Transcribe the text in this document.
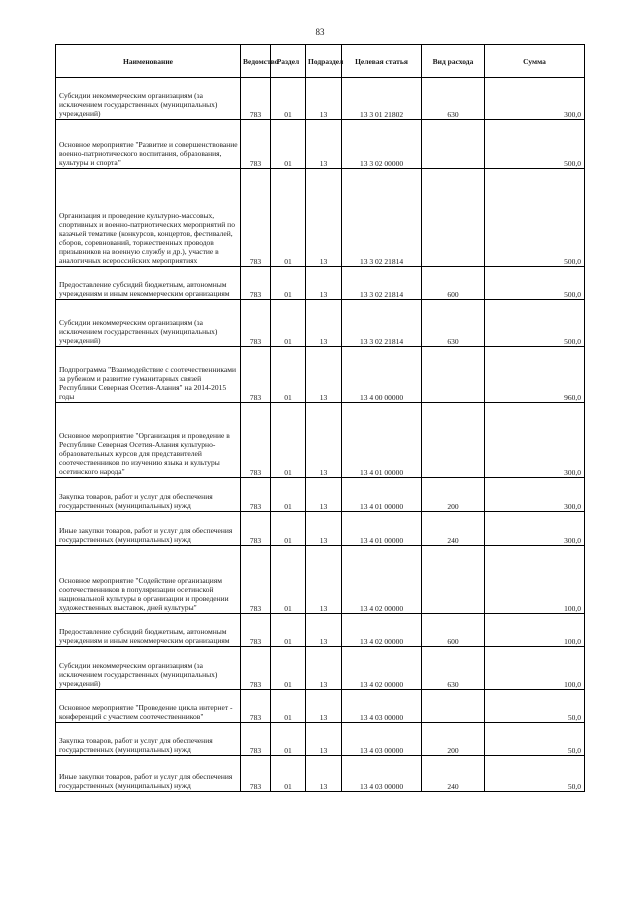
83
Наименование	Ведомство	Раздел	Подраздел	Целевая статья	Вид расхода	Сумма
Субсидии некоммерческим организациям (за исключением государственных (муниципальных) учреждений)	783	01	13	13 3 01 21802	630	300,0
Основное мероприятие "Развитие и совершенствование военно-патриотического воспитания, образования, культуры и спорта"	783	01	13	13 3 02 00000		500,0
Организация и проведение культурно-массовых, спортивных и военно-патриотических мероприятий по казачьей тематике (конкурсов, концертов, фестивалей, сборов, соревнований, торжественных проводов призывников на военную службу и др.), участие в аналогичных всероссийских мероприятиях	783	01	13	13 3 02 21814		500,0
Предоставление субсидий бюджетным, автономным учреждениям и иным некоммерческим организациям	783	01	13	13 3 02 21814	600	500,0
Субсидии некоммерческим организациям (за исключением государственных (муниципальных) учреждений)	783	01	13	13 3 02 21814	630	500,0
Подпрограмма "Взаимодействие с соотечественниками за рубежом и развитие гуманитарных связей Республики Северная Осетия-Алания" на 2014-2015 годы	783	01	13	13 4 00 00000		960,0
Основное мероприятие "Организация и проведение в Республике Северная Осетия-Алания культурно-образовательных курсов для представителей соотечественников по изучению языка и культуры осетинского народа"	783	01	13	13 4 01 00000		300,0
Закупка товаров, работ и услуг для обеспечения государственных (муниципальных) нужд	783	01	13	13 4 01 00000	200	300,0
Иные закупки товаров, работ и услуг для обеспечения государственных (муниципальных) нужд	783	01	13	13 4 01 00000	240	300,0
Основное мероприятие "Содействие организациям соотечественников в популяризации осетинской национальной культуры в организации и проведении художественных выставок, дней культуры"	783	01	13	13 4 02 00000		100,0
Предоставление субсидий бюджетным, автономным учреждениям и иным некоммерческим организациям	783	01	13	13 4 02 00000	600	100,0
Субсидии некоммерческим организациям (за исключением государственных (муниципальных) учреждений)	783	01	13	13 4 02 00000	630	100,0
Основное мероприятие "Проведение цикла интернет - конференций с участием соотечественников"	783	01	13	13 4 03 00000		50,0
Закупка товаров, работ и услуг для обеспечения государственных (муниципальных) нужд	783	01	13	13 4 03 00000	200	50,0
Иные закупки товаров, работ и услуг для обеспечения государственных (муниципальных) нужд	783	01	13	13 4 03 00000	240	50,0
